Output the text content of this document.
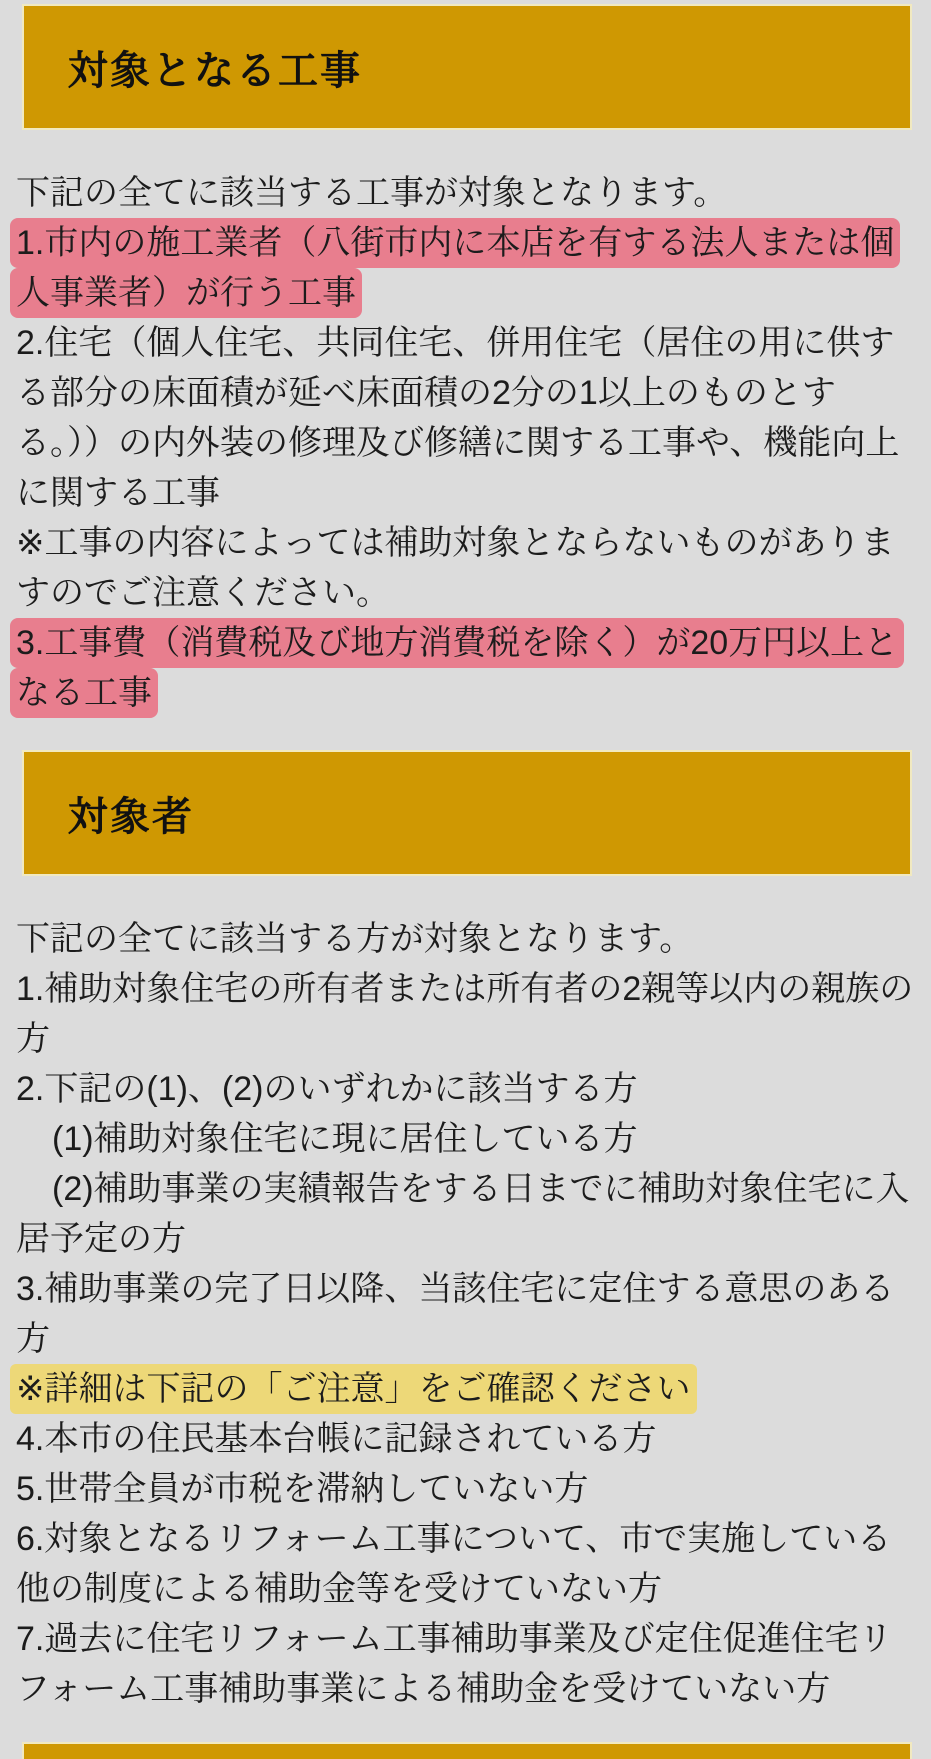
対象となる工事

下記の全てに該当する工事が対象となります。

1.市内の施工業者（八街市内に本店を有する法人または個人事業者）が行う工事

2.住宅（個人住宅、共同住宅、併用住宅（居住の用に供する部分の床面積が延べ床面積の2分の1以上のものとする。））の内外装の修理及び修繕に関する工事や、機能向上に関する工事

※工事の内容によっては補助対象とならないものがありますのでご注意ください。

3.工事費（消費税及び地方消費税を除く）が20万円以上となる工事

対象者

下記の全てに該当する方が対象となります。

1.補助対象住宅の所有者または所有者の2親等以内の親族の方

2.下記の(1)、(2)のいずれかに該当する方

(1)補助対象住宅に現に居住している方

(2)補助事業の実績報告をする日までに補助対象住宅に入居予定の方

3.補助事業の完了日以降、当該住宅に定住する意思のある方

※詳細は下記の「ご注意」をご確認ください

4.本市の住民基本台帳に記録されている方

5.世帯全員が市税を滞納していない方

6.対象となるリフォーム工事について、市で実施している他の制度による補助金等を受けていない方

7.過去に住宅リフォーム工事補助事業及び定住促進住宅リフォーム工事補助事業による補助金を受けていない方
